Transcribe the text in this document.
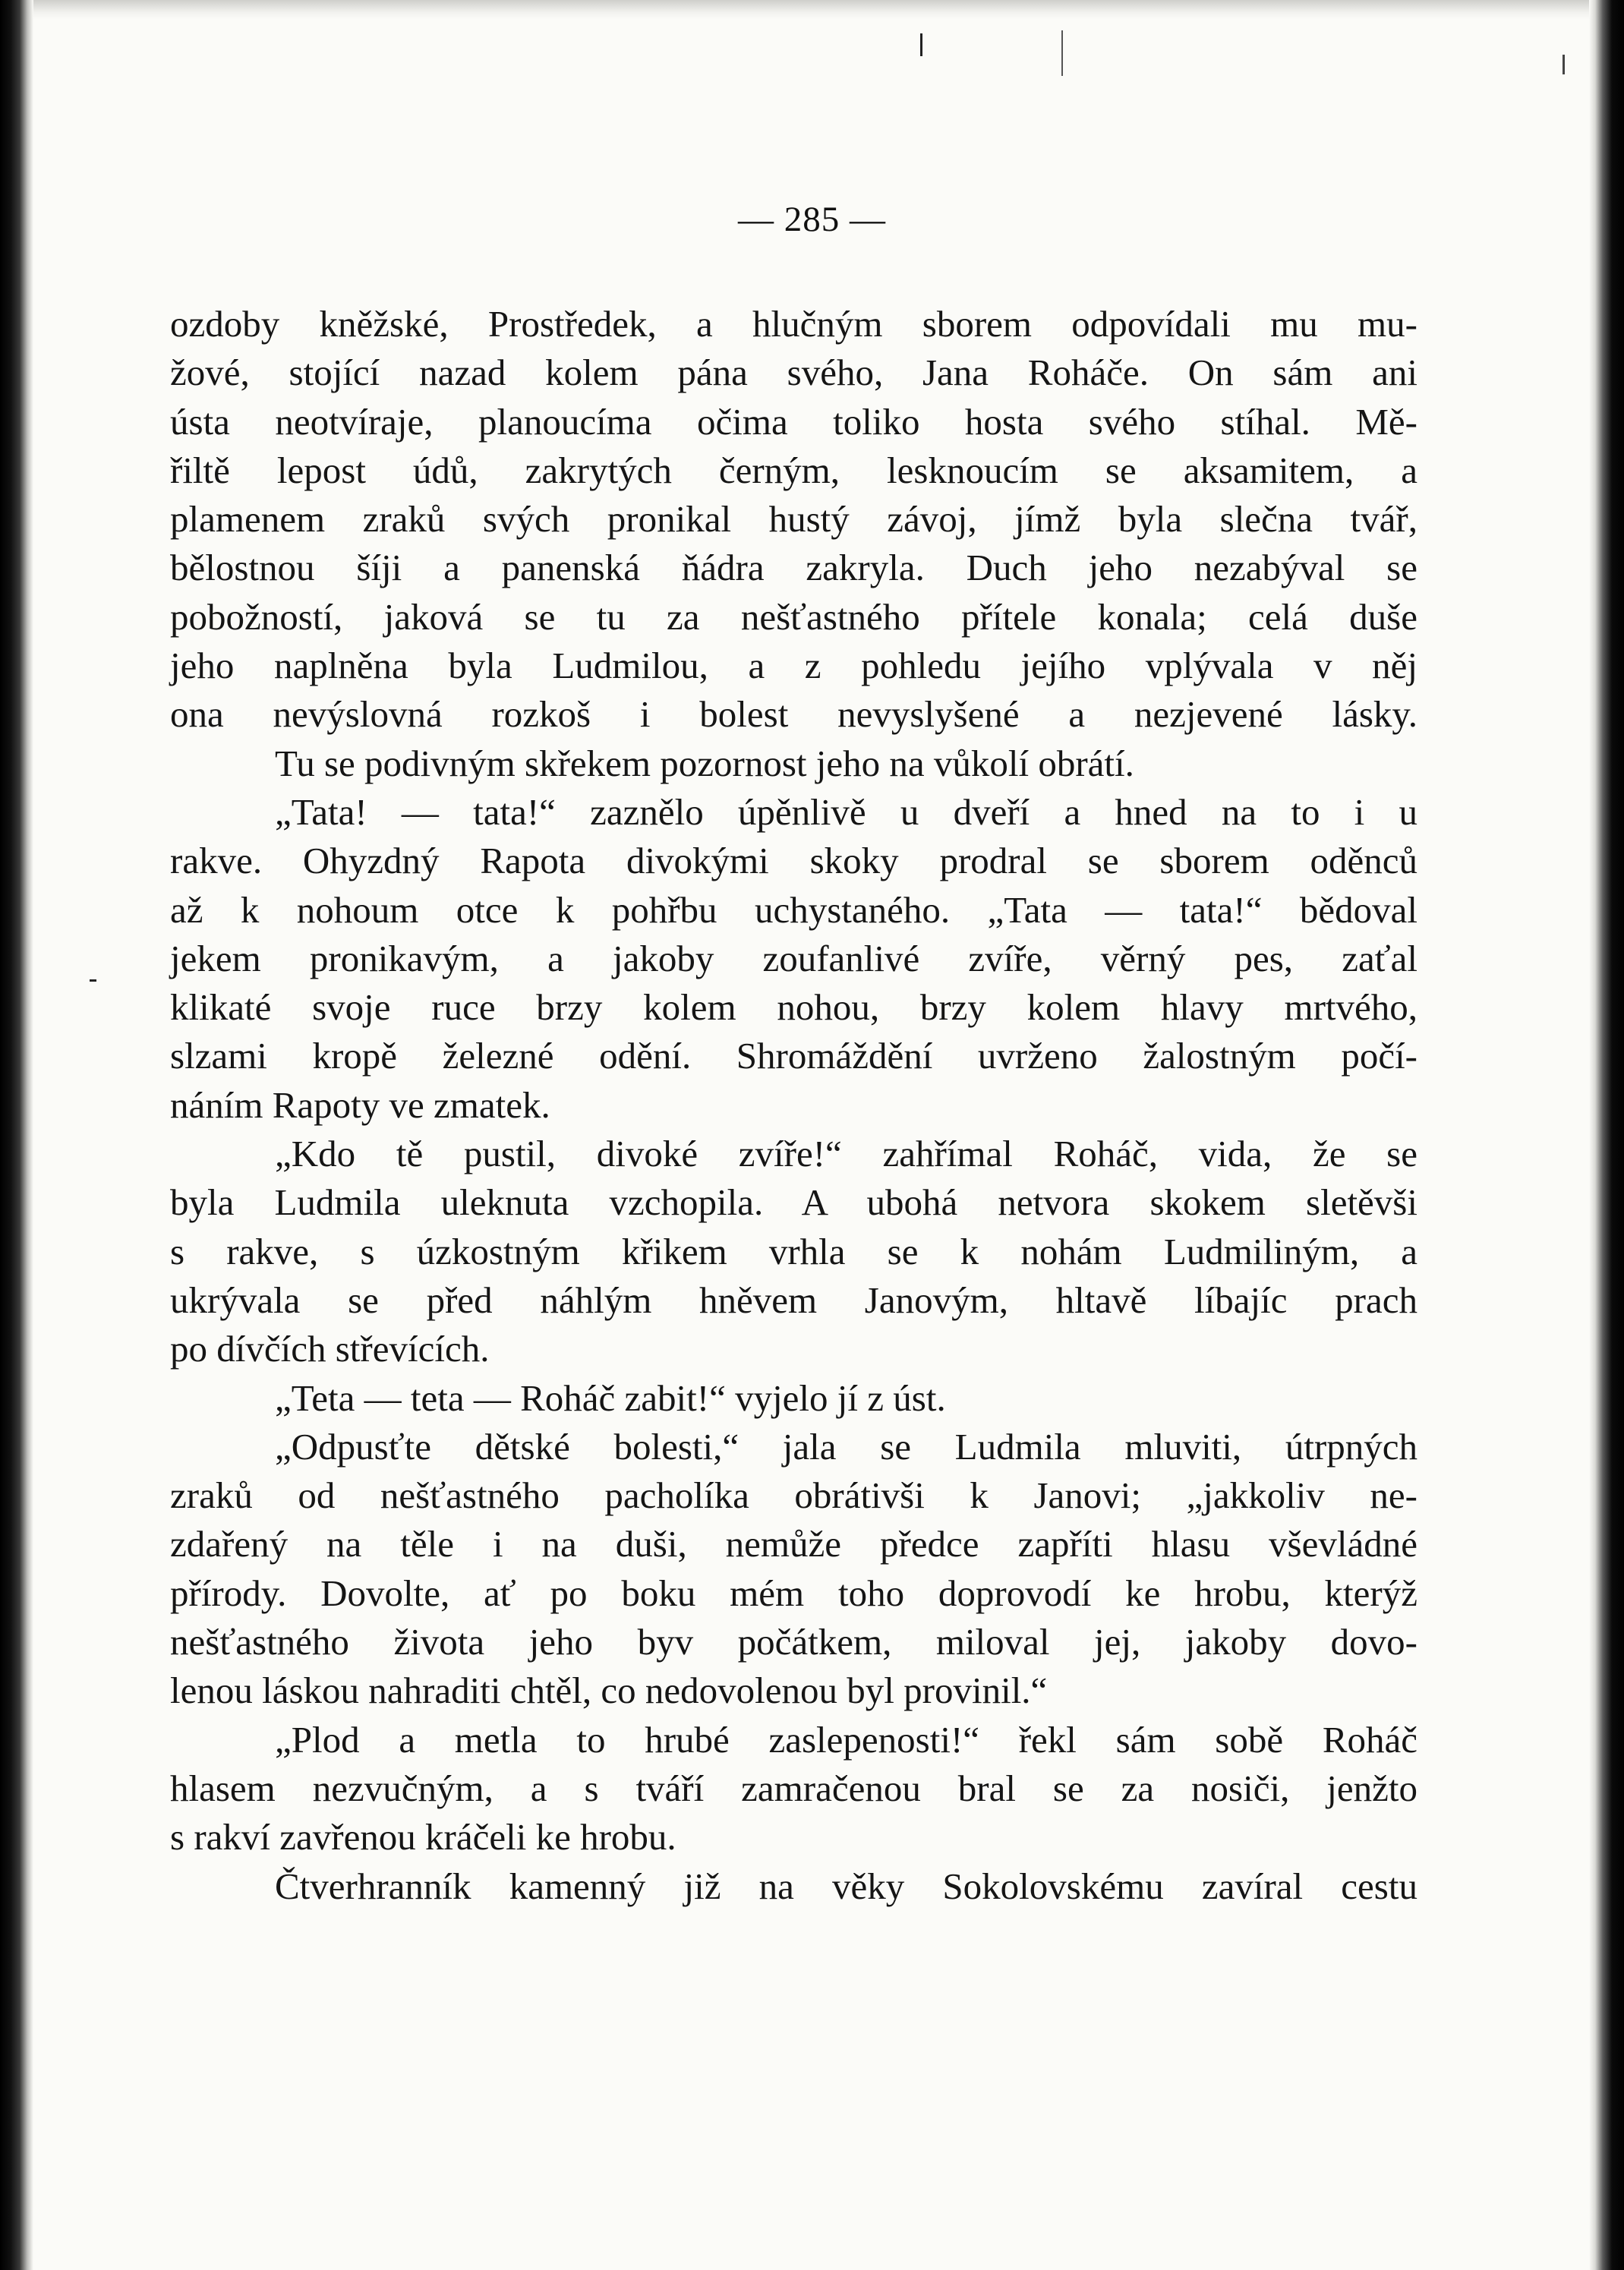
— 285 —
ozdoby kněžské, Prostředek, a hlučným sborem odpovídali mu mu-
žové, stojící nazad kolem pána svého, Jana Roháče. On sám ani
ústa neotvíraje, planoucíma očima toliko hosta svého stíhal. Mě-
řiltě lepost údů, zakrytých černým, lesknoucím se aksamitem, a
plamenem zraků svých pronikal hustý závoj, jímž byla slečna tvář,
bělostnou šíji a panenská ňádra zakryla. Duch jeho nezabýval se
pobožností, jaková se tu za nešťastného přítele konala; celá duše
jeho naplněna byla Ludmilou, a z pohledu jejího vplývala v něj
ona nevýslovná rozkoš i bolest nevyslyšené a nezjevené lásky.
Tu se podivným skřekem pozornost jeho na vůkolí obrátí.
„Tata! — tata!“ zaznělo úpěnlivě u dveří a hned na to i u
rakve. Ohyzdný Rapota divokými skoky prodral se sborem oděnců
až k nohoum otce k pohřbu uchystaného. „Tata — tata!“ bědoval
jekem pronikavým, a jakoby zoufanlivé zvíře, věrný pes, zaťal
klikaté svoje ruce brzy kolem nohou, brzy kolem hlavy mrtvého,
slzami kropě železné odění. Shromáždění uvrženo žalostným počí-
náním Rapoty ve zmatek.
„Kdo tě pustil, divoké zvíře!“ zahřímal Roháč, vida, že se
byla Ludmila uleknuta vzchopila. A ubohá netvora skokem sletěvši
s rakve, s úzkostným křikem vrhla se k nohám Ludmiliným, a
ukrývala se před náhlým hněvem Janovým, hltavě líbajíc prach
po dívčích střevících.
„Teta — teta — Roháč zabit!“ vyjelo jí z úst.
„Odpusťte dětské bolesti,“ jala se Ludmila mluviti, útrpných
zraků od nešťastného pacholíka obrátivši k Janovi; „jakkoliv ne-
zdařený na těle i na duši, nemůže předce zapříti hlasu vševládné
přírody. Dovolte, ať po boku mém toho doprovodí ke hrobu, kterýž
nešťastného života jeho byv počátkem, miloval jej, jakoby dovo-
lenou láskou nahraditi chtěl, co nedovolenou byl provinil.“
„Plod a metla to hrubé zaslepenosti!“ řekl sám sobě Roháč
hlasem nezvučným, a s tváří zamračenou bral se za nosiči, jenžto
s rakví zavřenou kráčeli ke hrobu.
Čtverhranník kamenný již na věky Sokolovskému zavíral cestu
